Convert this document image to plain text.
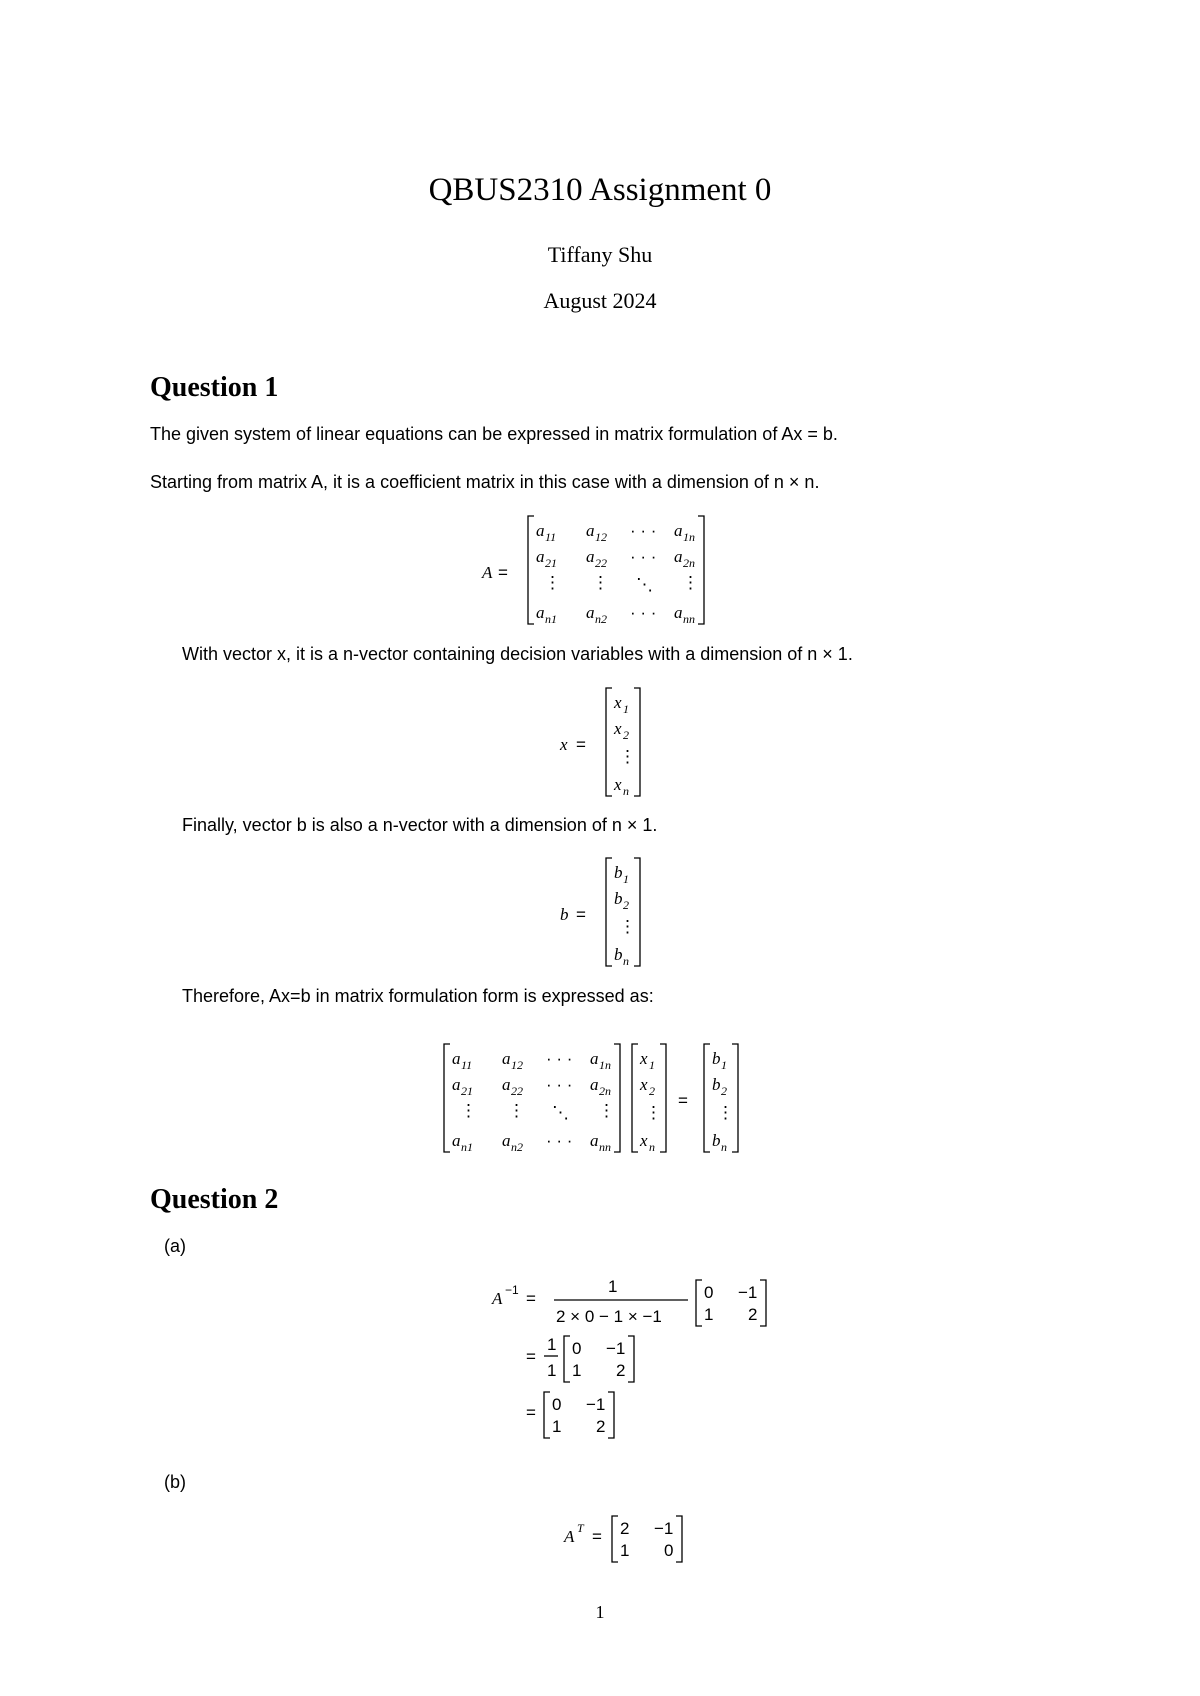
QBUS2310 Assignment 0
Tiffany Shu
August 2024
Question 1
The given system of linear equations can be expressed in matrix formulation of Ax = b.
Starting from matrix A, it is a coefficient matrix in this case with a dimension of n × n.
A =
a 11 a 12 · · · a 1n
a 21 a 22 · · · a 2n
⋮ ⋮ ⋱ ⋮
a n1 a n2 · · · a nn
With vector x, it is a n-vector containing decision variables with a dimension of n × 1.
x =
x 1
x 2
⋮
x n
Finally, vector b is also a n-vector with a dimension of n × 1.
b =
b 1
b 2
⋮
b n
Therefore, Ax=b in matrix formulation form is expressed as:
a 11 a 12 · · · a 1n
a 21 a 22 · · · a 2n
⋮ ⋮ ⋱ ⋮
a n1 a n2 · · · a nn
x 1
x 2
⋮
x n
=
b 1
b 2
⋮
b n
Question 2
(a)
A −1 =
1
2 × 0 − 1 × −1
0 −1
1 2
=
1
1
0 −1
1 2
= 0 −1
1 2
(b)
A T = 2 −1
1 0
1
